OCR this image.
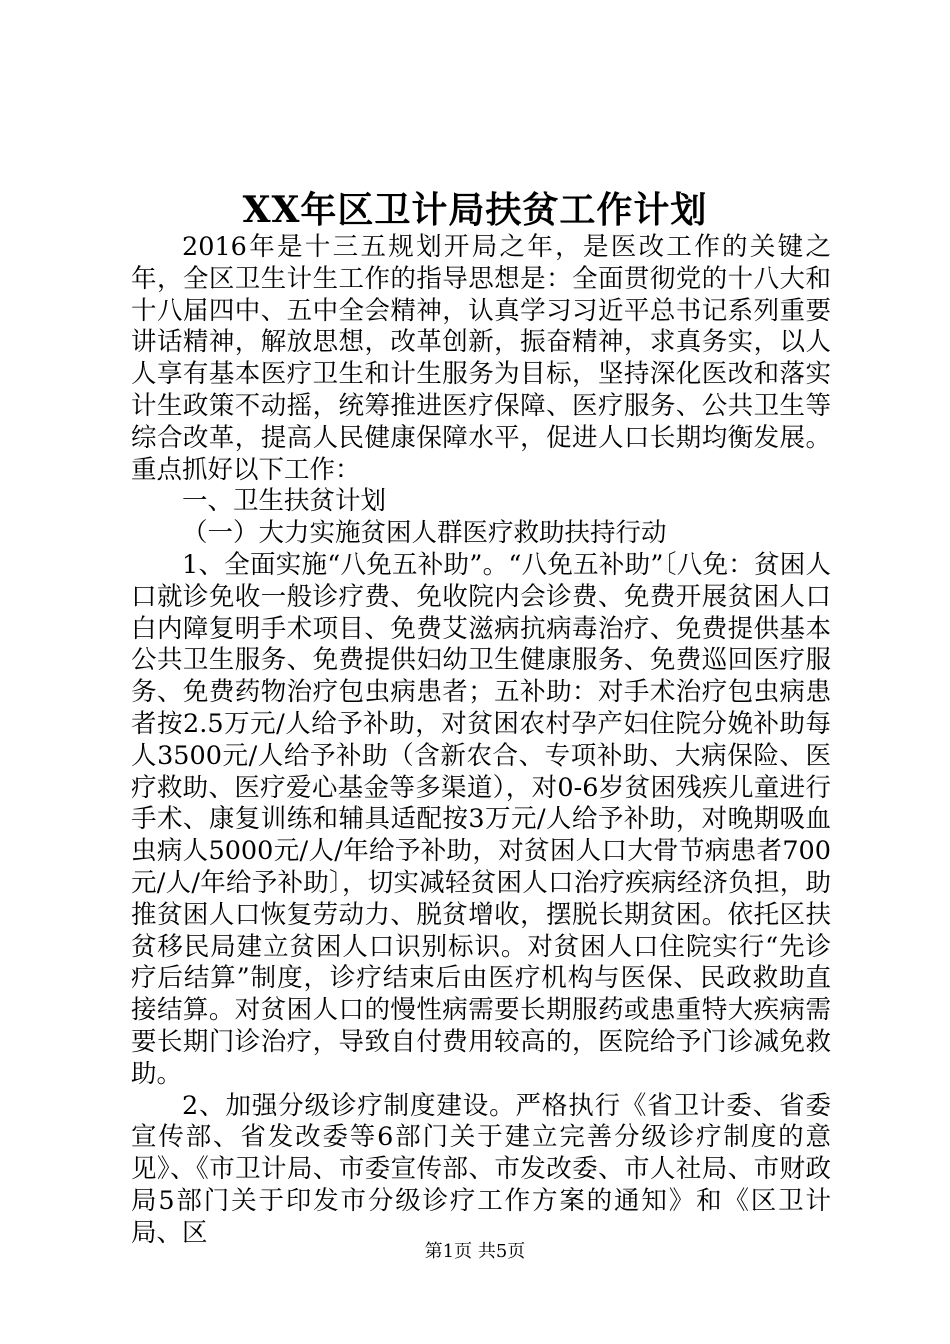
XX年区卫计局扶贫工作计划

2016年是十三五规划开局之年，是医改工作的关键之年，全区卫生计生工作的指导思想是：全面贯彻党的十八大和十八届四中、五中全会精神，认真学习习近平总书记系列重要讲话精神，解放思想，改革创新，振奋精神，求真务实，以人人享有基本医疗卫生和计生服务为目标，坚持深化医改和落实计生政策不动摇，统筹推进医疗保障、医疗服务、公共卫生等综合改革，提高人民健康保障水平，促进人口长期均衡发展。重点抓好以下工作：

一、卫生扶贫计划

（一）大力实施贫困人群医疗救助扶持行动

1、全面实施“八免五补助”。“八免五补助”〔八免：贫困人口就诊免收一般诊疗费、免收院内会诊费、免费开展贫困人口白内障复明手术项目、免费艾滋病抗病毒治疗、免费提供基本公共卫生服务、免费提供妇幼卫生健康服务、免费巡回医疗服务、免费药物治疗包虫病患者；五补助：对手术治疗包虫病患者按2.5万元/人给予补助，对贫困农村孕产妇住院分娩补助每人3500元/人给予补助（含新农合、专项补助、大病保险、医疗救助、医疗爱心基金等多渠道），对0-6岁贫困残疾儿童进行手术、康复训练和辅具适配按3万元/人给予补助，对晚期吸血虫病人5000元/人/年给予补助，对贫困人口大骨节病患者700元/人/年给予补助〕，切实减轻贫困人口治疗疾病经济负担，助推贫困人口恢复劳动力、脱贫增收，摆脱长期贫困。依托区扶贫移民局建立贫困人口识别标识。对贫困人口住院实行“先诊疗后结算”制度，诊疗结束后由医疗机构与医保、民政救助直接结算。对贫困人口的慢性病需要长期服药或患重特大疾病需要长期门诊治疗，导致自付费用较高的，医院给予门诊减免救助。

2、加强分级诊疗制度建设。严格执行《省卫计委、省委宣传部、省发改委等6部门关于建立完善分级诊疗制度的意见》、《市卫计局、市委宣传部、市发改委、市人社局、市财政局5部门关于印发市分级诊疗工作方案的通知》和《区卫计局、区

第1页 共5页
